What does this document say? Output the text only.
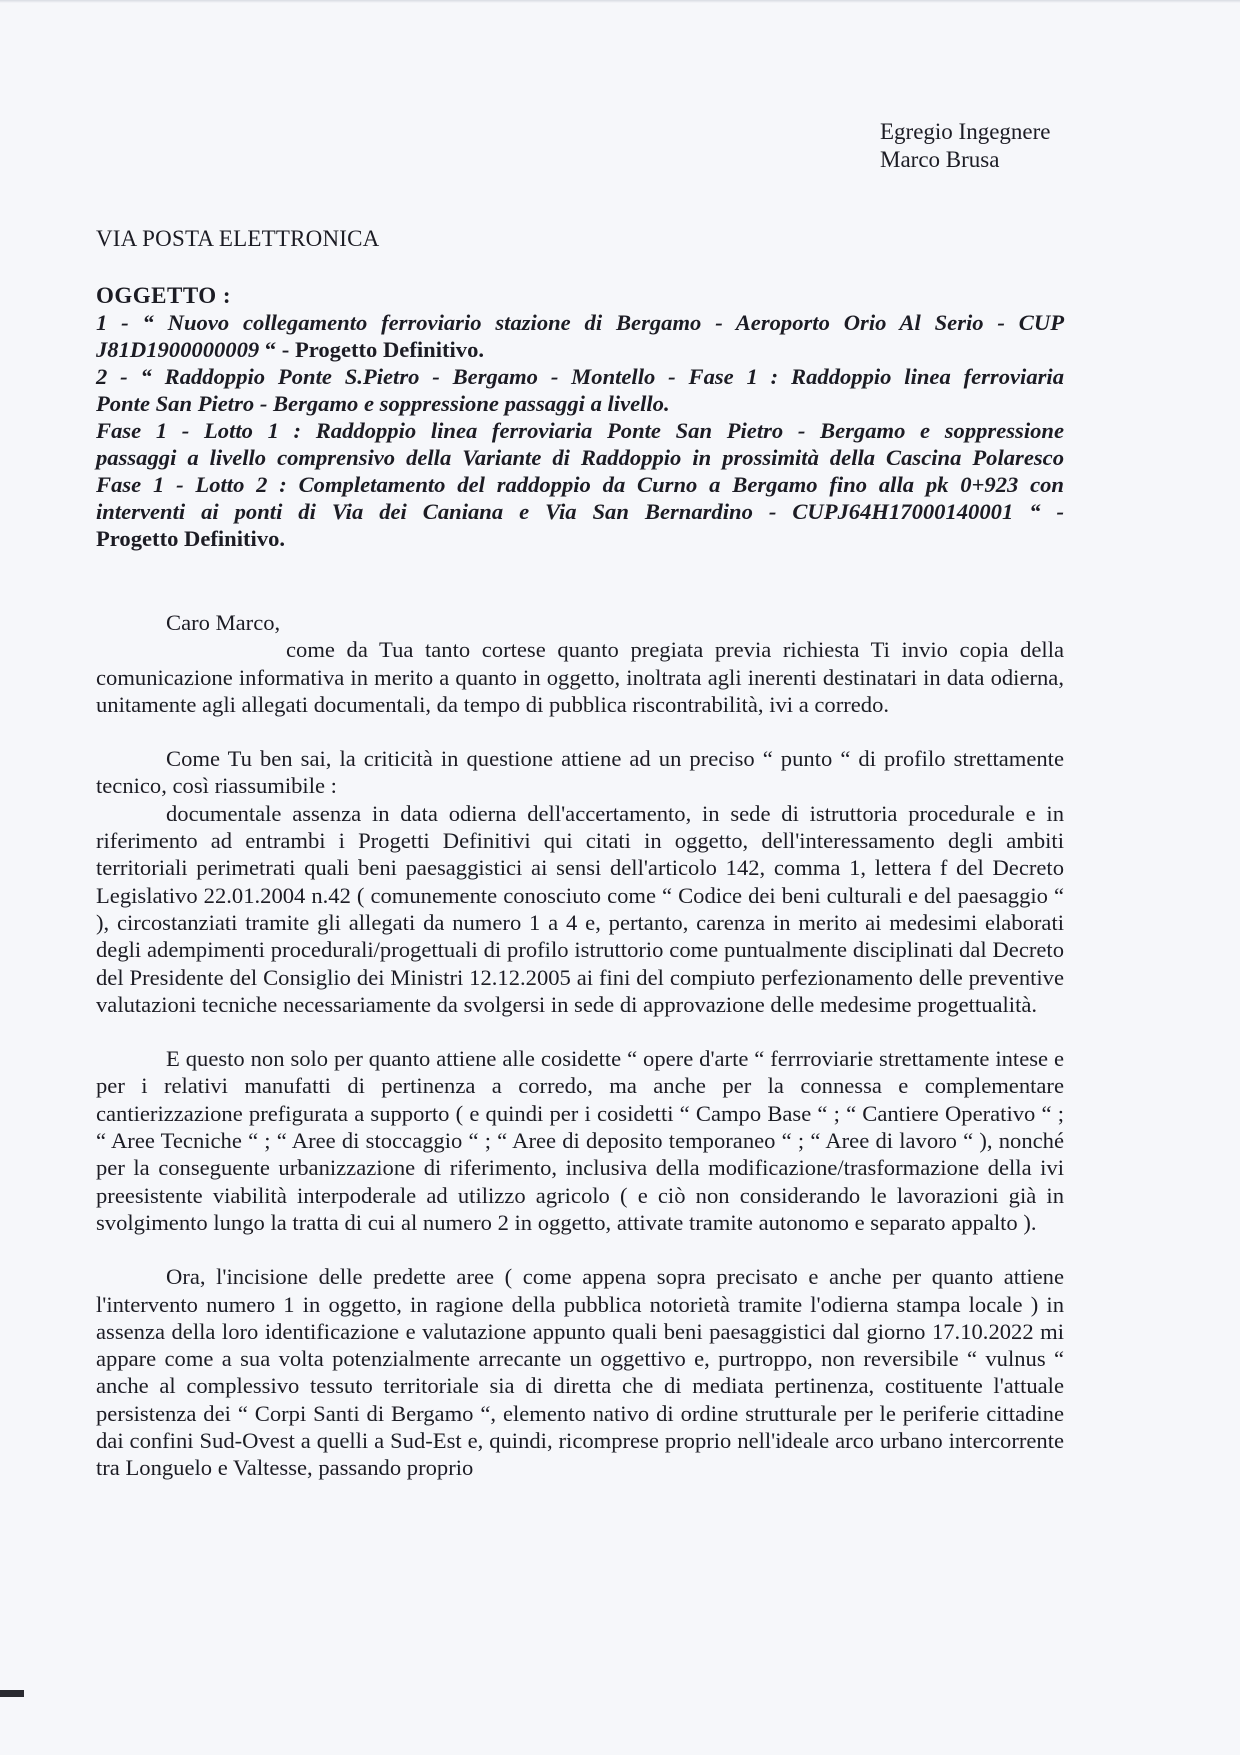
Egregio Ingegnere
Marco Brusa
VIA POSTA ELETTRONICA
OGGETTO :
1 - “ Nuovo collegamento ferroviario stazione di Bergamo - Aeroporto Orio Al Serio - CUP
J81D1900000009 “ - Progetto Definitivo.
2 - “ Raddoppio Ponte S.Pietro - Bergamo - Montello - Fase 1 : Raddoppio linea ferroviaria
Ponte San Pietro - Bergamo e soppressione passaggi a livello.
Fase 1 - Lotto 1 : Raddoppio linea ferroviaria Ponte San Pietro - Bergamo e soppressione
passaggi a livello comprensivo della Variante di Raddoppio in prossimità della Cascina Polaresco
Fase 1 - Lotto 2 : Completamento del raddoppio da Curno a Bergamo fino alla pk 0+923 con
interventi ai ponti di Via dei Caniana e Via San Bernardino - CUPJ64H17000140001 “ -
Progetto Definitivo.

Caro Marco,

come da Tua tanto cortese quanto pregiata previa richiesta Ti invio copia della comunicazione informativa in merito a quanto in oggetto, inoltrata agli inerenti destinatari in data odierna, unitamente agli allegati documentali, da tempo di pubblica riscontrabilità, ivi a corredo.

Come Tu ben sai, la criticità in questione attiene ad un preciso “ punto “ di profilo strettamente tecnico, così riassumibile :

documentale assenza in data odierna dell'accertamento, in sede di istruttoria procedurale e in riferimento ad entrambi i Progetti Definitivi qui citati in oggetto, dell'interessamento degli ambiti territoriali perimetrati quali beni paesaggistici ai sensi dell'articolo 142, comma 1, lettera f del Decreto Legislativo 22.01.2004 n.42 ( comunemente conosciuto come “ Codice dei beni culturali e del paesaggio “ ), circostanziati tramite gli allegati da numero 1 a 4 e, pertanto, carenza in merito ai medesimi elaborati degli adempimenti procedurali/progettuali di profilo istruttorio come puntualmente disciplinati dal Decreto del Presidente del Consiglio dei Ministri 12.12.2005 ai fini del compiuto perfezionamento delle preventive valutazioni tecniche necessariamente da svolgersi in sede di approvazione delle medesime progettualità.

E questo non solo per quanto attiene alle cosidette “ opere d'arte “ ferrroviarie strettamente intese e per i relativi manufatti di pertinenza a corredo, ma anche per la connessa e complementare cantierizzazione prefigurata a supporto ( e quindi per i cosidetti “ Campo Base “ ; “ Cantiere Operativo “ ; “ Aree Tecniche “ ; “ Aree di stoccaggio “ ; “ Aree di deposito temporaneo “ ; “ Aree di lavoro “ ), nonché per la conseguente urbanizzazione di riferimento, inclusiva della modificazione/trasformazione della ivi preesistente viabilità interpoderale ad utilizzo agricolo ( e ciò non considerando le lavorazioni già in svolgimento lungo la tratta di cui al numero 2 in oggetto, attivate tramite autonomo e separato appalto ).

Ora, l'incisione delle predette aree ( come appena sopra precisato e anche per quanto attiene l'intervento numero 1 in oggetto, in ragione della pubblica notorietà tramite l'odierna stampa locale ) in assenza della loro identificazione e valutazione appunto quali beni paesaggistici dal giorno 17.10.2022 mi appare come a sua volta potenzialmente arrecante un oggettivo e, purtroppo, non reversibile “ vulnus “ anche al complessivo tessuto territoriale sia di diretta che di mediata pertinenza, costituente l'attuale persistenza dei “ Corpi Santi di Bergamo “, elemento nativo di ordine strutturale per le periferie cittadine dai confini Sud-Ovest a quelli a Sud-Est e, quindi, ricomprese proprio nell'ideale arco urbano intercorrente tra Longuelo e Valtesse, passando proprio
